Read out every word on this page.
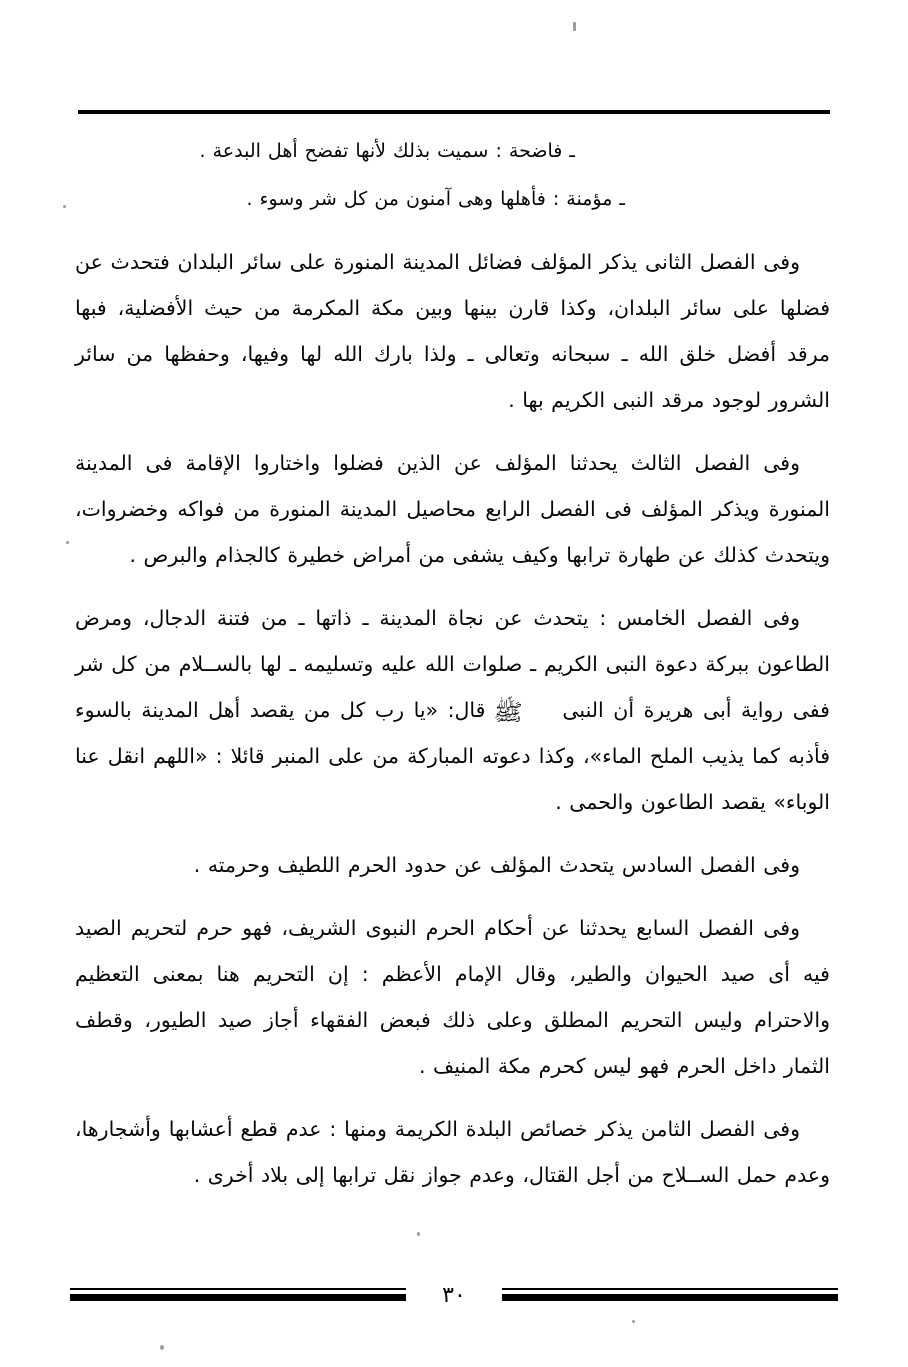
ـ فاضحة : سميت بذلك لأنها تفضح أهل البدعة .

ـ مؤمنة : فأهلها وهى آمنون من كل شر وسوء .

وفى الفصل الثانى يذكر المؤلف فضائل المدينة المنورة على سائر البلدان فتحدث عن فضلها على سائر البلدان، وكذا قارن بينها وبين مكة المكرمة من حيث الأفضلية، فبها مرقد أفضل خلق الله ـ سبحانه وتعالى ـ ولذا بارك الله لها وفيها، وحفظها من سائر الشرور لوجود مرقد النبى الكريم بها .

وفى الفصل الثالث يحدثنا المؤلف عن الذين فضلوا واختاروا الإقامة فى المدينة المنورة ويذكر المؤلف فى الفصل الرابع محاصيل المدينة المنورة من فواكه وخضروات، ويتحدث كذلك عن طهارة ترابها وكيف يشفى من أمراض خطيرة كالجذام والبرص .

وفى الفصل الخامس : يتحدث عن نجاة المدينة ـ ذاتها ـ من فتنة الدجال، ومرض الطاعون ببركة دعوة النبى الكريم ـ صلوات الله عليه وتسليمه ـ لها بالســلام من كل شر ففى رواية أبى هريرة أن النبى ﷺ قال: «يا رب كل من يقصد أهل المدينة بالسوء فأذبه كما يذيب الملح الماء»، وكذا دعوته المباركة من على المنبر قائلا : «اللهم انقل عنا الوباء» يقصد الطاعون والحمى .

وفى الفصل السادس يتحدث المؤلف عن حدود الحرم اللطيف وحرمته .

وفى الفصل السابع يحدثنا عن أحكام الحرم النبوى الشريف، فهو حرم لتحريم الصيد فيه أى صيد الحيوان والطير، وقال الإمام الأعظم : إن التحريم هنا بمعنى التعظيم والاحترام وليس التحريم المطلق وعلى ذلك فبعض الفقهاء أجاز صيد الطيور، وقطف الثمار داخل الحرم فهو ليس كحرم مكة المنيف .

وفى الفصل الثامن يذكر خصائص البلدة الكريمة ومنها : عدم قطع أعشابها وأشجارها، وعدم حمل الســلاح من أجل القتال، وعدم جواز نقل ترابها إلى بلاد أخرى .

٣٠
